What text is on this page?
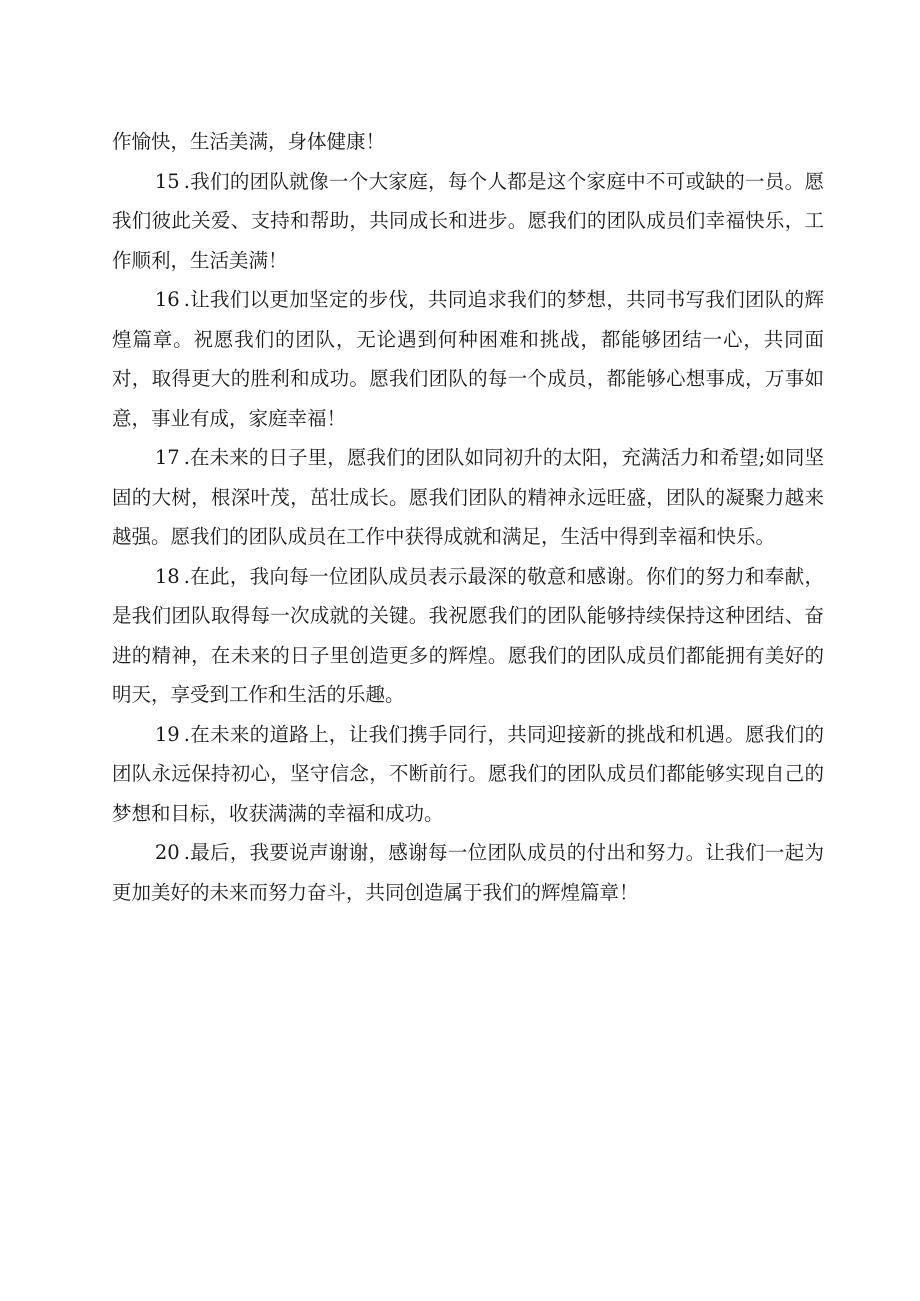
作愉快，生活美满，身体健康！

15 .我们的团队就像一个大家庭，每个人都是这个家庭中不可或缺的一员。愿我们彼此关爱、支持和帮助，共同成长和进步。愿我们的团队成员们幸福快乐，工作顺利，生活美满！

16 .让我们以更加坚定的步伐，共同追求我们的梦想，共同书写我们团队的辉煌篇章。祝愿我们的团队，无论遇到何种困难和挑战，都能够团结一心，共同面对，取得更大的胜利和成功。愿我们团队的每一个成员，都能够心想事成，万事如意，事业有成，家庭幸福！

17 .在未来的日子里，愿我们的团队如同初升的太阳，充满活力和希望;如同坚固的大树，根深叶茂，茁壮成长。愿我们团队的精神永远旺盛，团队的凝聚力越来越强。愿我们的团队成员在工作中获得成就和满足，生活中得到幸福和快乐。

18 .在此，我向每一位团队成员表示最深的敬意和感谢。你们的努力和奉献，是我们团队取得每一次成就的关键。我祝愿我们的团队能够持续保持这种团结、奋进的精神，在未来的日子里创造更多的辉煌。愿我们的团队成员们都能拥有美好的明天，享受到工作和生活的乐趣。

19 .在未来的道路上，让我们携手同行，共同迎接新的挑战和机遇。愿我们的团队永远保持初心，坚守信念，不断前行。愿我们的团队成员们都能够实现自己的梦想和目标，收获满满的幸福和成功。

20 .最后，我要说声谢谢，感谢每一位团队成员的付出和努力。让我们一起为更加美好的未来而努力奋斗，共同创造属于我们的辉煌篇章！
